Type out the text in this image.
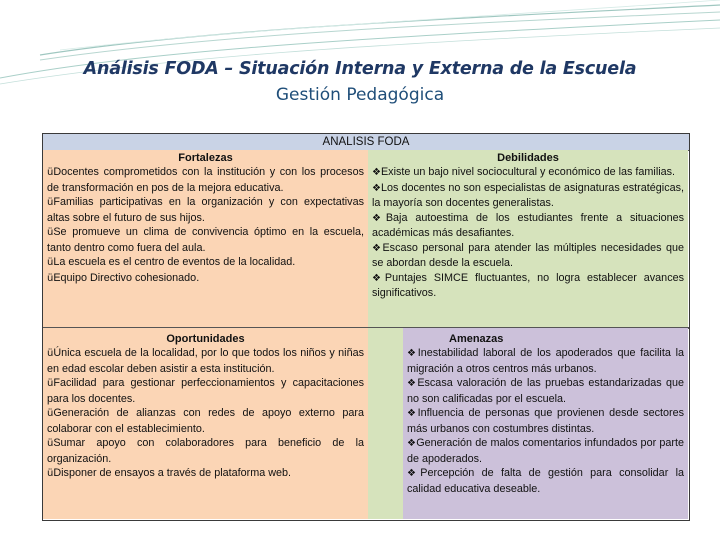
Análisis FODA – Situación Interna y Externa de la Escuela
Gestión Pedagógica
ANALISIS FODA
Fortalezas
üDocentes comprometidos con la institución y con los procesos de transformación en pos de la mejora educativa.
üFamilias participativas en la organización y con expectativas altas sobre el futuro de sus hijos.
üSe promueve un clima de convivencia óptimo en la escuela, tanto dentro como fuera del aula.
üLa escuela es el centro de eventos de la localidad.
üEquipo Directivo cohesionado.
Debilidades
❖Existe un bajo nivel sociocultural y económico de las familias.
❖Los docentes no son especialistas de asignaturas estratégicas, la mayoría son docentes generalistas.
❖Baja autoestima de los estudiantes frente a situaciones académicas más desafiantes.
❖Escaso personal para atender las múltiples necesidades que se abordan desde la escuela.
❖Puntajes SIMCE fluctuantes, no logra establecer avances significativos.
Oportunidades
üÚnica escuela de la localidad, por lo que todos los niños y niñas en edad escolar deben asistir a esta institución.
üFacilidad para gestionar perfeccionamientos y capacitaciones para los docentes.
üGeneración de alianzas con redes de apoyo externo para colaborar con el establecimiento.
üSumar apoyo con colaboradores para beneficio de la organización.
üDisponer de ensayos a través de plataforma web.
Amenazas
❖Inestabilidad laboral de los apoderados que facilita la migración a otros centros más urbanos.
❖Escasa valoración de las pruebas estandarizadas que no son calificadas por el escuela.
❖Influencia de personas que provienen desde sectores más urbanos con costumbres distintas.
❖Generación de malos comentarios infundados por parte de apoderados.
❖Percepción de falta de gestión para consolidar la calidad educativa deseable.
